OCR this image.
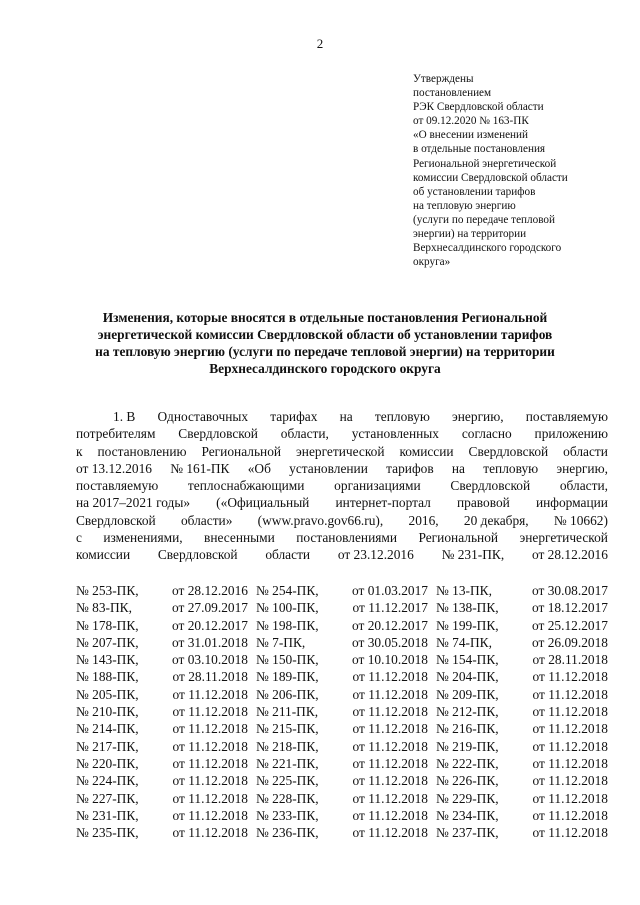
2
Утверждены
постановлением
РЭК Свердловской области
от 09.12.2020 № 163-ПК
«О внесении изменений
в отдельные постановления
Региональной энергетической
комиссии Свердловской области
об установлении тарифов
на тепловую энергию
(услуги по передаче тепловой
энергии) на территории
Верхнесалдинского городского
округа»
Изменения, которые вносятся в отдельные постановления Региональной
энергетической комиссии Свердловской области об установлении тарифов
на тепловую энергию (услуги по передаче тепловой энергии) на территории
Верхнесалдинского городского округа
1. В Одноставочных тарифах на тепловую энергию, поставляемую
потребителям Свердловской области, установленных согласно приложению
к постановлению Региональной энергетической комиссии Свердловской области
от 13.12.2016 № 161-ПК «Об установлении тарифов на тепловую энергию,
поставляемую теплоснабжающими организациями Свердловской области,
на 2017–2021 годы» («Официальный интернет-портал правовой информации
Свердловской области» (www.pravo.gov66.ru), 2016, 20 декабря, № 10662)
с изменениями, внесенными постановлениями Региональной энергетической
комиссии Свердловской области от 23.12.2016 № 231-ПК, от 28.12.2016
№ 253-ПК, от 28.12.2016 № 254-ПК, от 01.03.2017 № 13-ПК,	от 30.08.2017
№ 83-ПК,	от 27.09.2017 № 100-ПК,	от 11.12.2017 № 138-ПК, от 18.12.2017
№ 178-ПК, от 20.12.2017 № 198-ПК, от 20.12.2017 № 199-ПК, от 25.12.2017
№ 207-ПК, от 31.01.2018 № 7-ПК,	от 30.05.2018 № 74-ПК,	от 26.09.2018
№ 143-ПК, от 03.10.2018 № 150-ПК, от 10.10.2018 № 154-ПК,	от 28.11.2018
№ 188-ПК,	от 28.11.2018 № 189-ПК,	от 11.12.2018 № 204-ПК,	от 11.12.2018
№ 205-ПК,	от 11.12.2018 № 206-ПК,	от 11.12.2018 № 209-ПК,	от 11.12.2018
№ 210-ПК,	от 11.12.2018 № 211-ПК,	от 11.12.2018 № 212-ПК,	от 11.12.2018
№ 214-ПК,	от 11.12.2018 № 215-ПК,	от 11.12.2018 № 216-ПК,	от 11.12.2018
№ 217-ПК,	от 11.12.2018 № 218-ПК,	от 11.12.2018 № 219-ПК,	от 11.12.2018
№ 220-ПК,	от 11.12.2018 № 221-ПК,	от 11.12.2018 № 222-ПК,	от 11.12.2018
№ 224-ПК,	от 11.12.2018 № 225-ПК,	от 11.12.2018 № 226-ПК,	от 11.12.2018
№ 227-ПК,	от 11.12.2018 № 228-ПК,	от 11.12.2018 № 229-ПК,	от 11.12.2018
№ 231-ПК,	от 11.12.2018 № 233-ПК,	от 11.12.2018 № 234-ПК,	от 11.12.2018
№ 235-ПК,	от 11.12.2018 № 236-ПК,	от 11.12.2018 № 237-ПК,	от 11.12.2018
